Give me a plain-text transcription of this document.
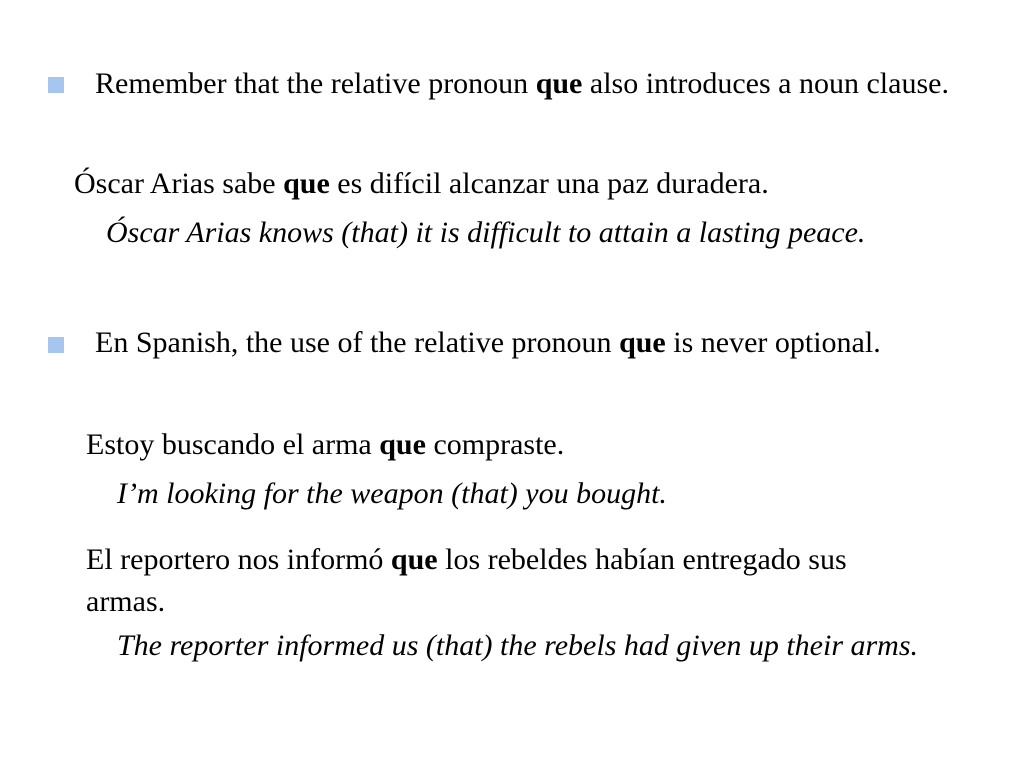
Remember that the relative pronoun que also introduces a noun clause.

Óscar Arias sabe que es difícil alcanzar una paz duradera.

Óscar Arias knows (that) it is difficult to attain a lasting peace.

En Spanish, the use of the relative pronoun que is never optional.

Estoy buscando el arma que compraste.

I’m looking for the weapon (that) you bought.

El reportero nos informó que los rebeldes habían entregado sus armas.

The reporter informed us (that) the rebels had given up their arms.
